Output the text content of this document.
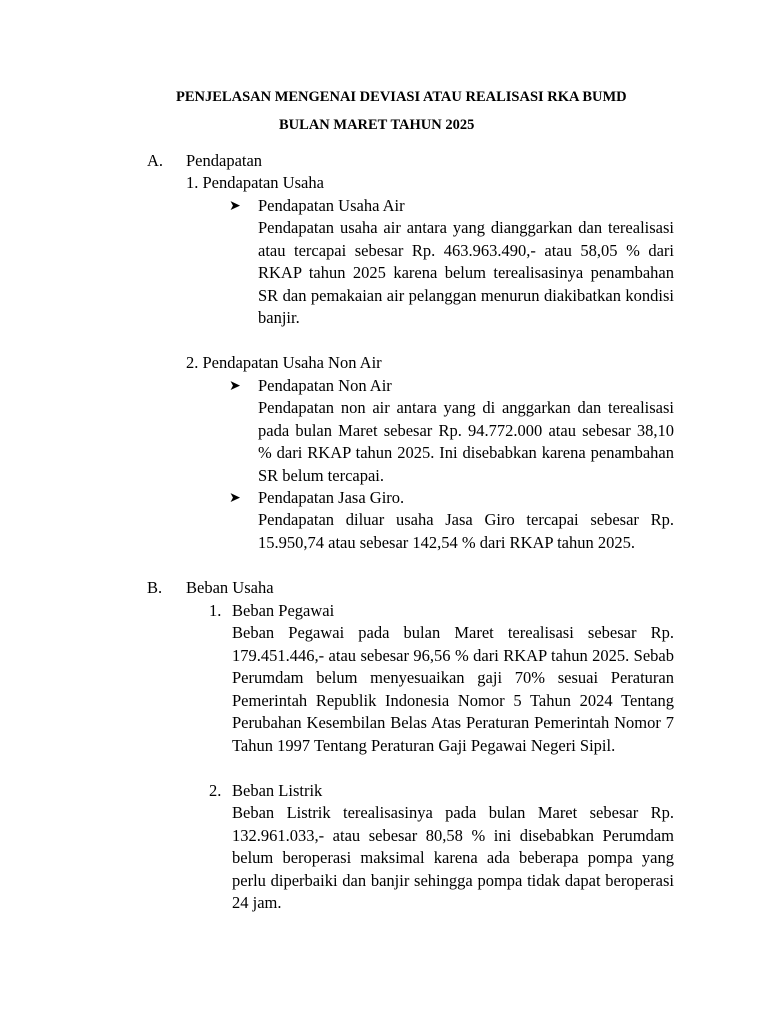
PENJELASAN MENGENAI DEVIASI ATAU REALISASI RKA BUMD
BULAN MARET TAHUN 2025
A. Pendapatan
1. Pendapatan Usaha
➤ Pendapatan Usaha Air
Pendapatan usaha air antara yang dianggarkan dan terealisasi atau tercapai sebesar Rp. 463.963.490,- atau 58,05 % dari RKAP tahun 2025 karena belum terealisasinya penambahan SR dan pemakaian air pelanggan menurun diakibatkan kondisi banjir.
2. Pendapatan Usaha Non Air
➤ Pendapatan Non Air
Pendapatan non air antara yang di anggarkan dan terealisasi pada bulan Maret sebesar Rp. 94.772.000 atau sebesar 38,10 % dari RKAP tahun 2025. Ini disebabkan karena penambahan SR belum tercapai.
➤ Pendapatan Jasa Giro.
Pendapatan diluar usaha Jasa Giro tercapai sebesar Rp. 15.950,74 atau sebesar 142,54 % dari RKAP tahun 2025.
B. Beban Usaha
1. Beban Pegawai
Beban Pegawai pada bulan Maret terealisasi sebesar Rp. 179.451.446,- atau sebesar 96,56 % dari RKAP tahun 2025. Sebab Perumdam belum menyesuaikan gaji 70% sesuai Peraturan Pemerintah Republik Indonesia Nomor 5 Tahun 2024 Tentang Perubahan Kesembilan Belas Atas Peraturan Pemerintah Nomor 7 Tahun 1997 Tentang Peraturan Gaji Pegawai Negeri Sipil.
2. Beban Listrik
Beban Listrik terealisasinya pada bulan Maret sebesar Rp. 132.961.033,- atau sebesar 80,58 % ini disebabkan Perumdam belum beroperasi maksimal karena ada beberapa pompa yang perlu diperbaiki dan banjir sehingga pompa tidak dapat beroperasi 24 jam.
